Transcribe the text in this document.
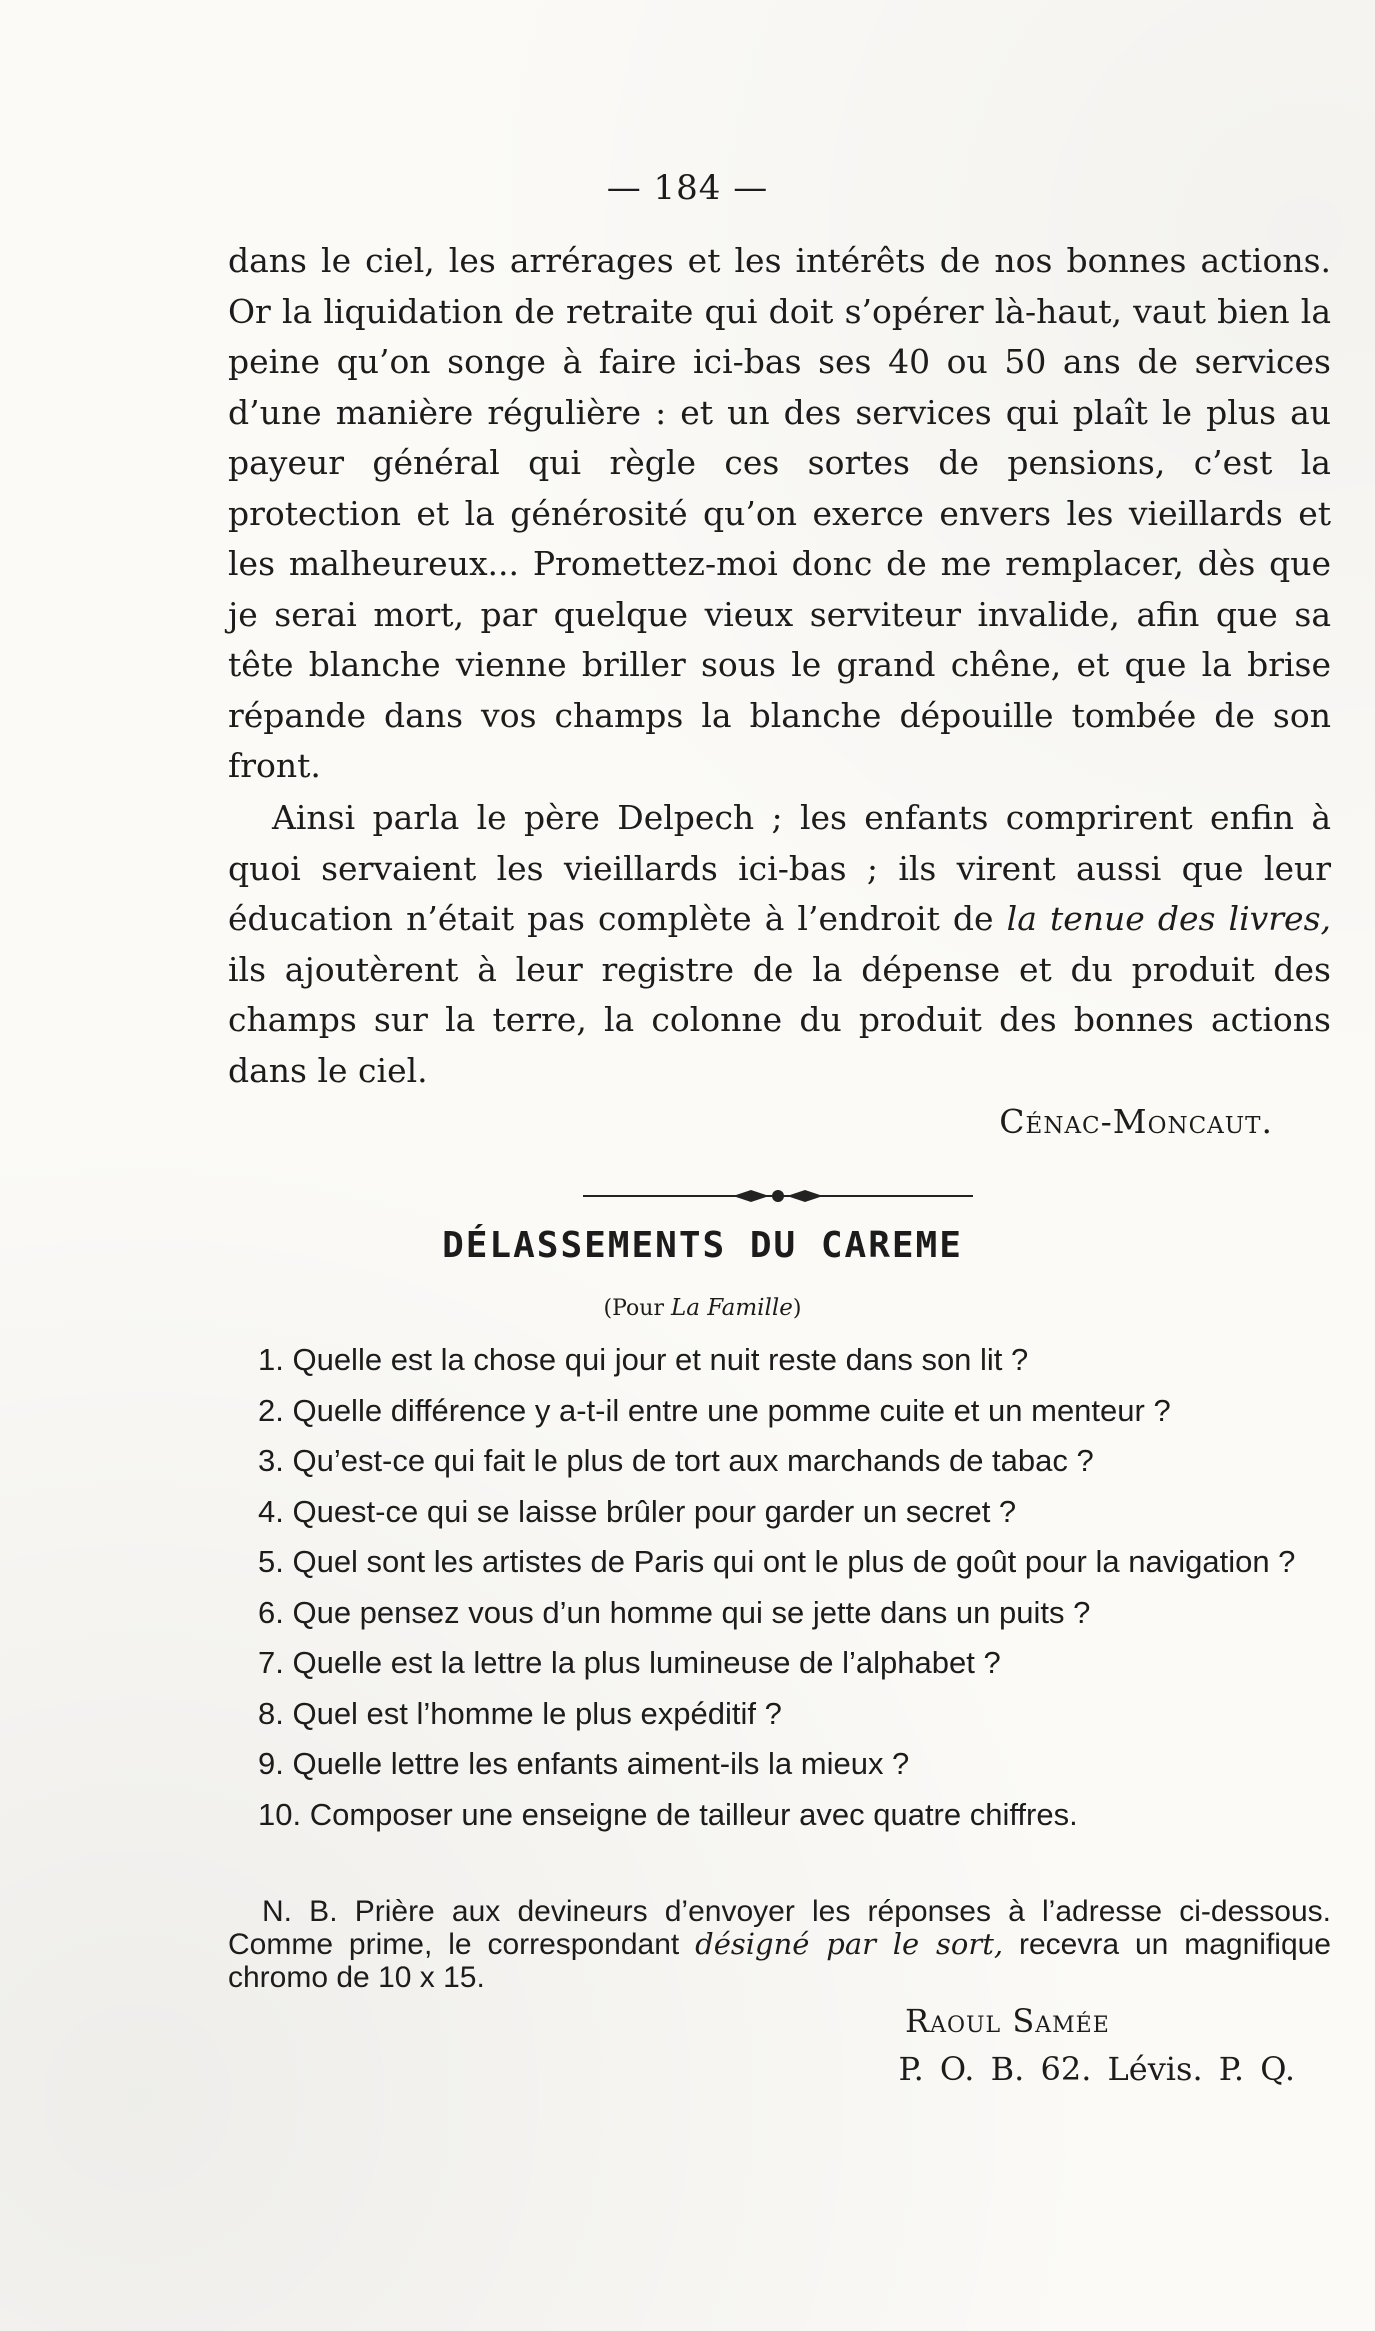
— 184 —
dans le ciel, les arrérages et les intérêts de nos bonnes actions. Or la liquidation de retraite qui doit s’opérer là-haut, vaut bien la peine qu’on songe à faire ici-bas ses 40 ou 50 ans de services d’une manière régulière : et un des services qui plaît le plus au payeur général qui règle ces sortes de pensions, c’est la protection et la générosité qu’on exerce envers les vieillards et les malheureux... Promettez-moi donc de me remplacer, dès que je serai mort, par quelque vieux serviteur invalide, afin que sa tête blanche vienne briller sous le grand chêne, et que la brise répande dans vos champs la blanche dépouille tombée de son front.
Ainsi parla le père Delpech ; les enfants comprirent enfin à quoi servaient les vieillards ici-bas ; ils virent aussi que leur éducation n’était pas complète à l’endroit de la tenue des livres, ils ajoutèrent à leur registre de la dépense et du produit des champs sur la terre, la colonne du produit des bonnes actions dans le ciel.
Cénac-Moncaut.
DÉLASSEMENTS DU CAREME
(Pour La Famille)
1. Quelle est la chose qui jour et nuit reste dans son lit ?
2. Quelle différence y a-t-il entre une pomme cuite et un menteur ?
3. Qu’est-ce qui fait le plus de tort aux marchands de tabac ?
4. Quest-ce qui se laisse brûler pour garder un secret ?
5. Quel sont les artistes de Paris qui ont le plus de goût pour la navigation ?
6. Que pensez vous d’un homme qui se jette dans un puits ?
7. Quelle est la lettre la plus lumineuse de l’alphabet ?
8. Quel est l’homme le plus expéditif ?
9. Quelle lettre les enfants aiment-ils la mieux ?
10. Composer une enseigne de tailleur avec quatre chiffres.
N. B. Prière aux devineurs d’envoyer les réponses à l’adresse ci-dessous. Comme prime, le correspondant désigné par le sort, recevra un magnifique chromo de 10 x 15.
Raoul Samée
P. O. B. 62. Lévis. P. Q.
